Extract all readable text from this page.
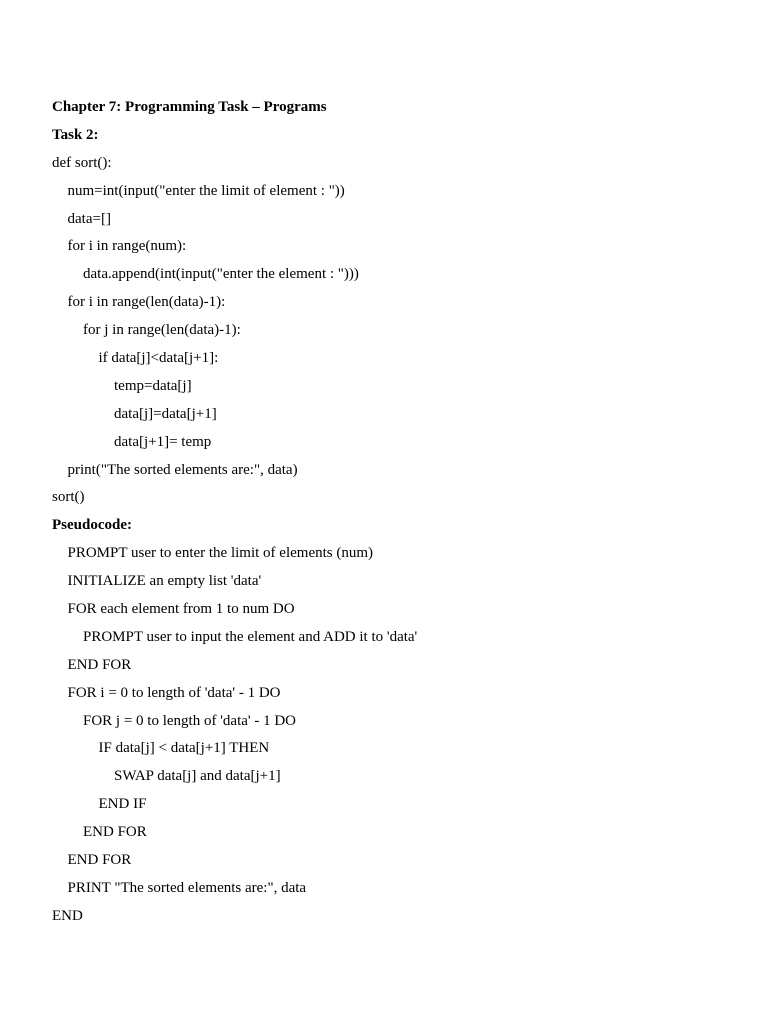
Chapter 7: Programming Task – Programs
Task 2:
def sort():
num=int(input("enter the limit of element : "))
data=[]
for i in range(num):
data.append(int(input("enter the element : ")))
for i in range(len(data)-1):
for j in range(len(data)-1):
if data[j]<data[j+1]:
temp=data[j]
data[j]=data[j+1]
data[j+1]= temp
print("The sorted elements are:", data)
sort()
Pseudocode:
PROMPT user to enter the limit of elements (num)
INITIALIZE an empty list 'data'
FOR each element from 1 to num DO
PROMPT user to input the element and ADD it to 'data'
END FOR
FOR i = 0 to length of 'data' - 1 DO
FOR j = 0 to length of 'data' - 1 DO
IF data[j] < data[j+1] THEN
SWAP data[j] and data[j+1]
END IF
END FOR
END FOR
PRINT "The sorted elements are:", data
END
